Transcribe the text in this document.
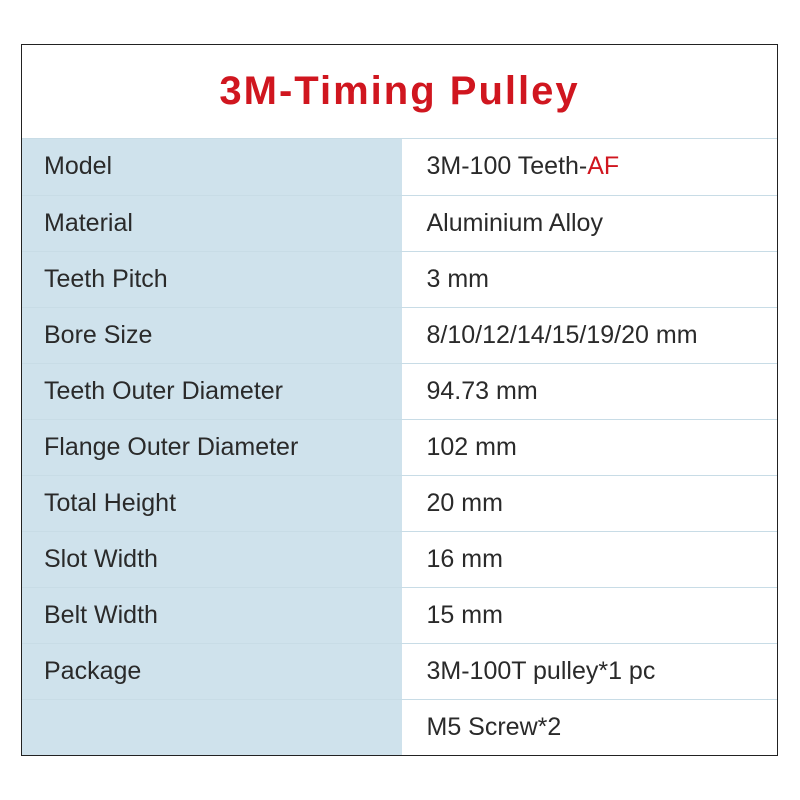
3M-Timing Pulley
Model	3M-100 Teeth-AF
Material	Aluminium Alloy
Teeth Pitch	3 mm
Bore Size	8/10/12/14/15/19/20 mm
Teeth Outer Diameter	94.73 mm
Flange Outer Diameter	102 mm
Total Height	20 mm
Slot Width	16 mm
Belt Width	15 mm
Package	3M-100T pulley*1 pc
	M5 Screw*2
